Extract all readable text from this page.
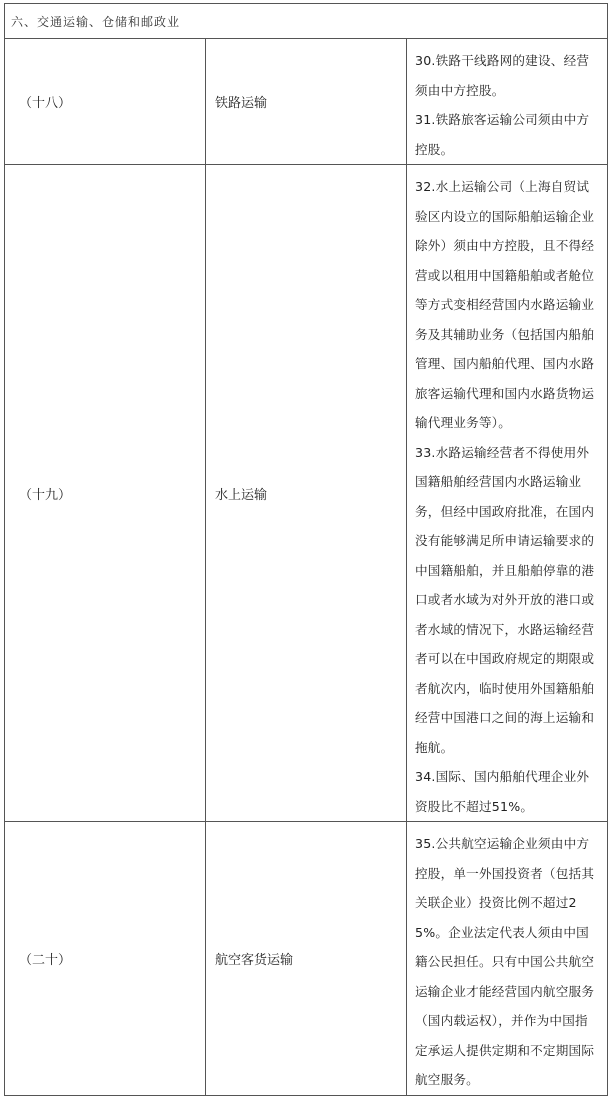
六、交通运输、仓储和邮政业		
（十八）	铁路运输	30.铁路干线路网的建设、经营须由中方控股。

31.铁路旅客运输公司须由中方控股。

（十九）	水上运输	32.水上运输公司（上海自贸试验区内设立的国际船舶运输企业除外）须由中方控股，且不得经营或以租用中国籍船舶或者舱位等方式变相经营国内水路运输业务及其辅助业务（包括国内船舶管理、国内船舶代理、国内水路旅客运输代理和国内水路货物运输代理业务等）。

33.水路运输经营者不得使用外国籍船舶经营国内水路运输业务，但经中国政府批准，在国内没有能够满足所申请运输要求的中国籍船舶，并且船舶停靠的港口或者水域为对外开放的港口或者水域的情况下，水路运输经营者可以在中国政府规定的期限或者航次内，临时使用外国籍船舶经营中国港口之间的海上运输和拖航。

34.国际、国内船舶代理企业外资股比不超过51%。

（二十）	航空客货运输	35.公共航空运输企业须由中方控股，单一外国投资者（包括其关联企业）投资比例不超过25%。企业法定代表人须由中国籍公民担任。只有中国公共航空运输企业才能经营国内航空服务（国内载运权），并作为中国指定承运人提供定期和不定期国际航空服务。
